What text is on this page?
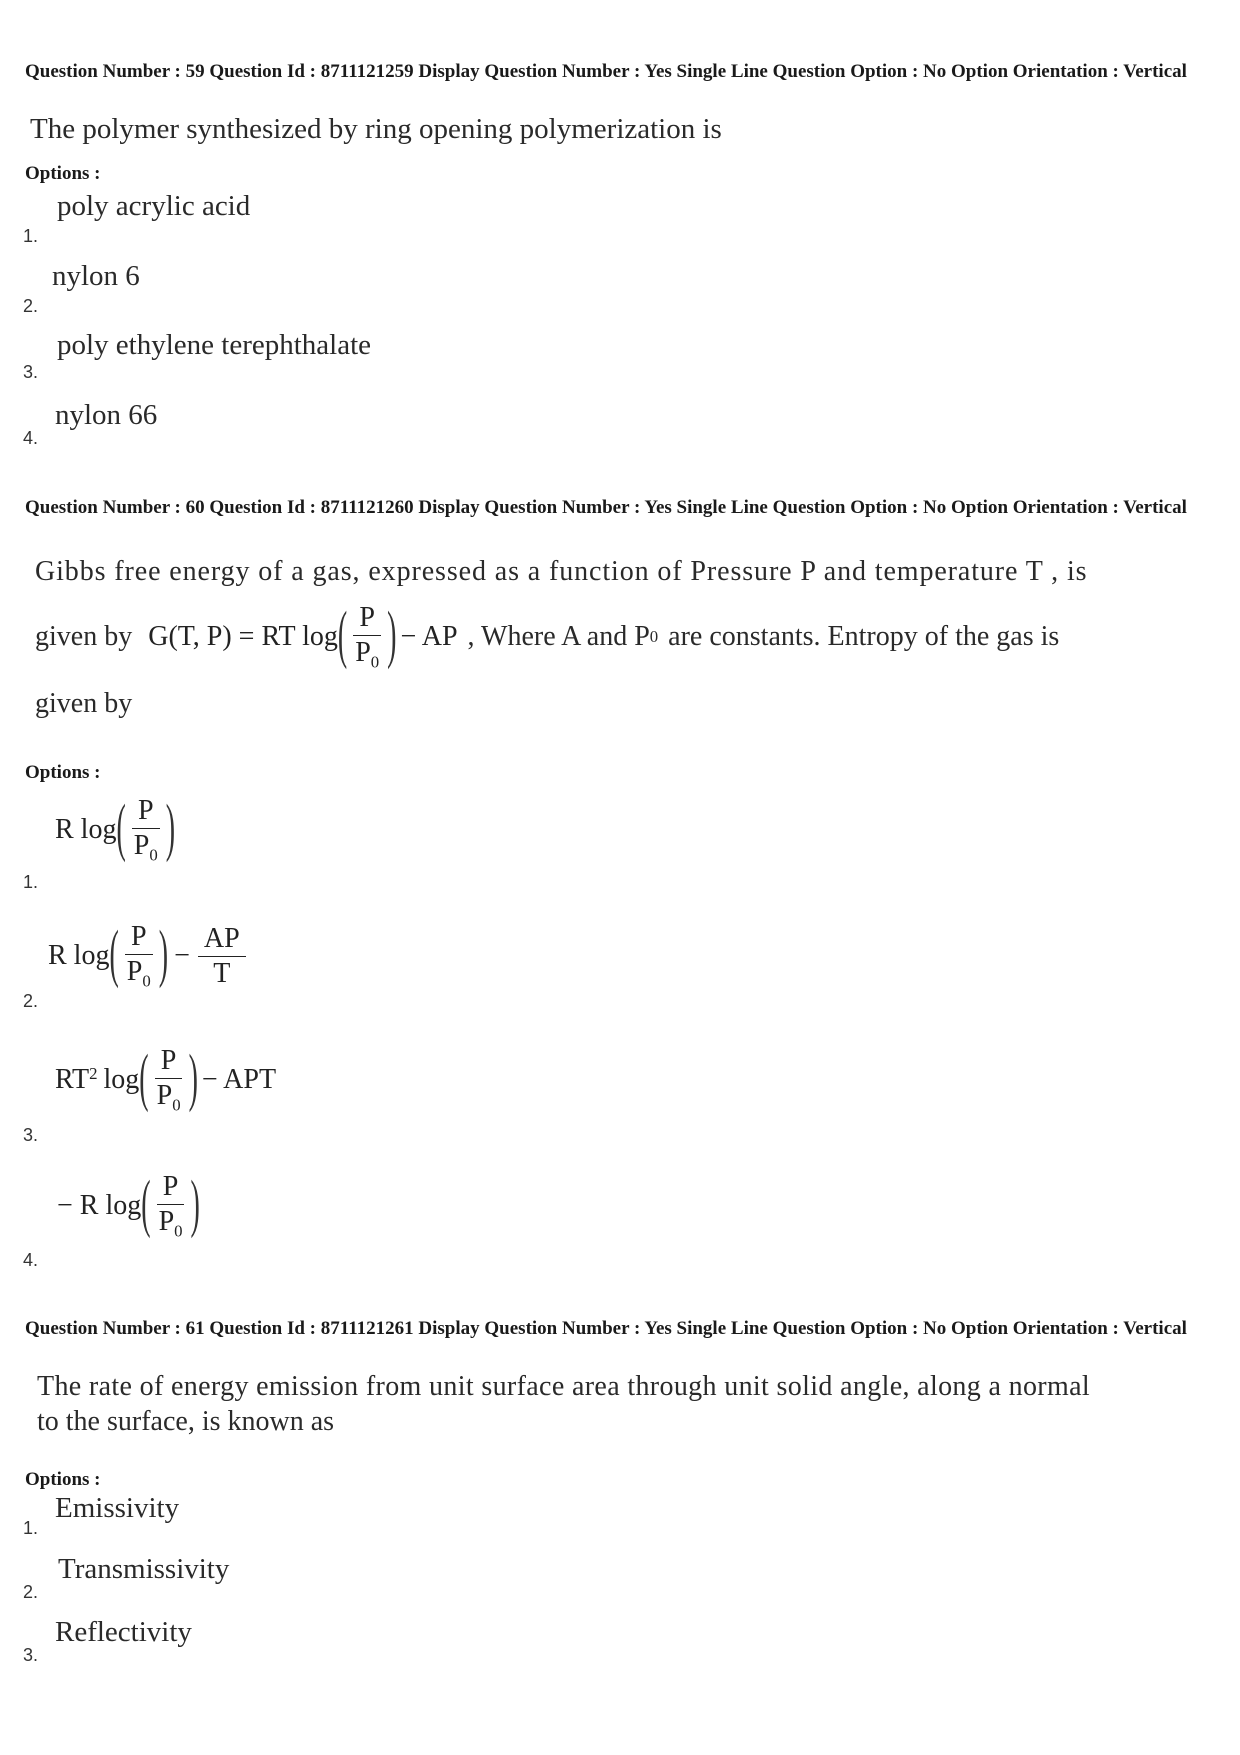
Question Number : 59 Question Id : 8711121259 Display Question Number : Yes Single Line Question Option : No Option Orientation : Vertical
The polymer synthesized by ring opening polymerization is
Options :
1.
poly acrylic acid
2.
nylon 6
3.
poly ethylene terephthalate
4.
nylon 66
Question Number : 60 Question Id : 8711121260 Display Question Number : Yes Single Line Question Option : No Option Orientation : Vertical
Gibbs free energy of a gas, expressed as a function of Pressure P and temperature T , is
given by G(T, P) = RT log ( $\frac{P}{P_0}$ ) − AP , Where A and P 0 are constants. Entropy of the gas is
given by
Options :
1.
R log ( $\frac{P}{P_0}$ )
2.
R log ( $\frac{P}{P_0}$ ) − $\frac{AP}{T}$
3.
$RT^2$ log ( $\frac{P}{P_0}$ ) − APT
4.
− R log ( $\frac{P}{P_0}$ )
Question Number : 61 Question Id : 8711121261 Display Question Number : Yes Single Line Question Option : No Option Orientation : Vertical
The rate of energy emission from unit surface area through unit solid angle, along a normal
to the surface, is known as
Options :
1.
Emissivity
2.
Transmissivity
3.
Reflectivity
